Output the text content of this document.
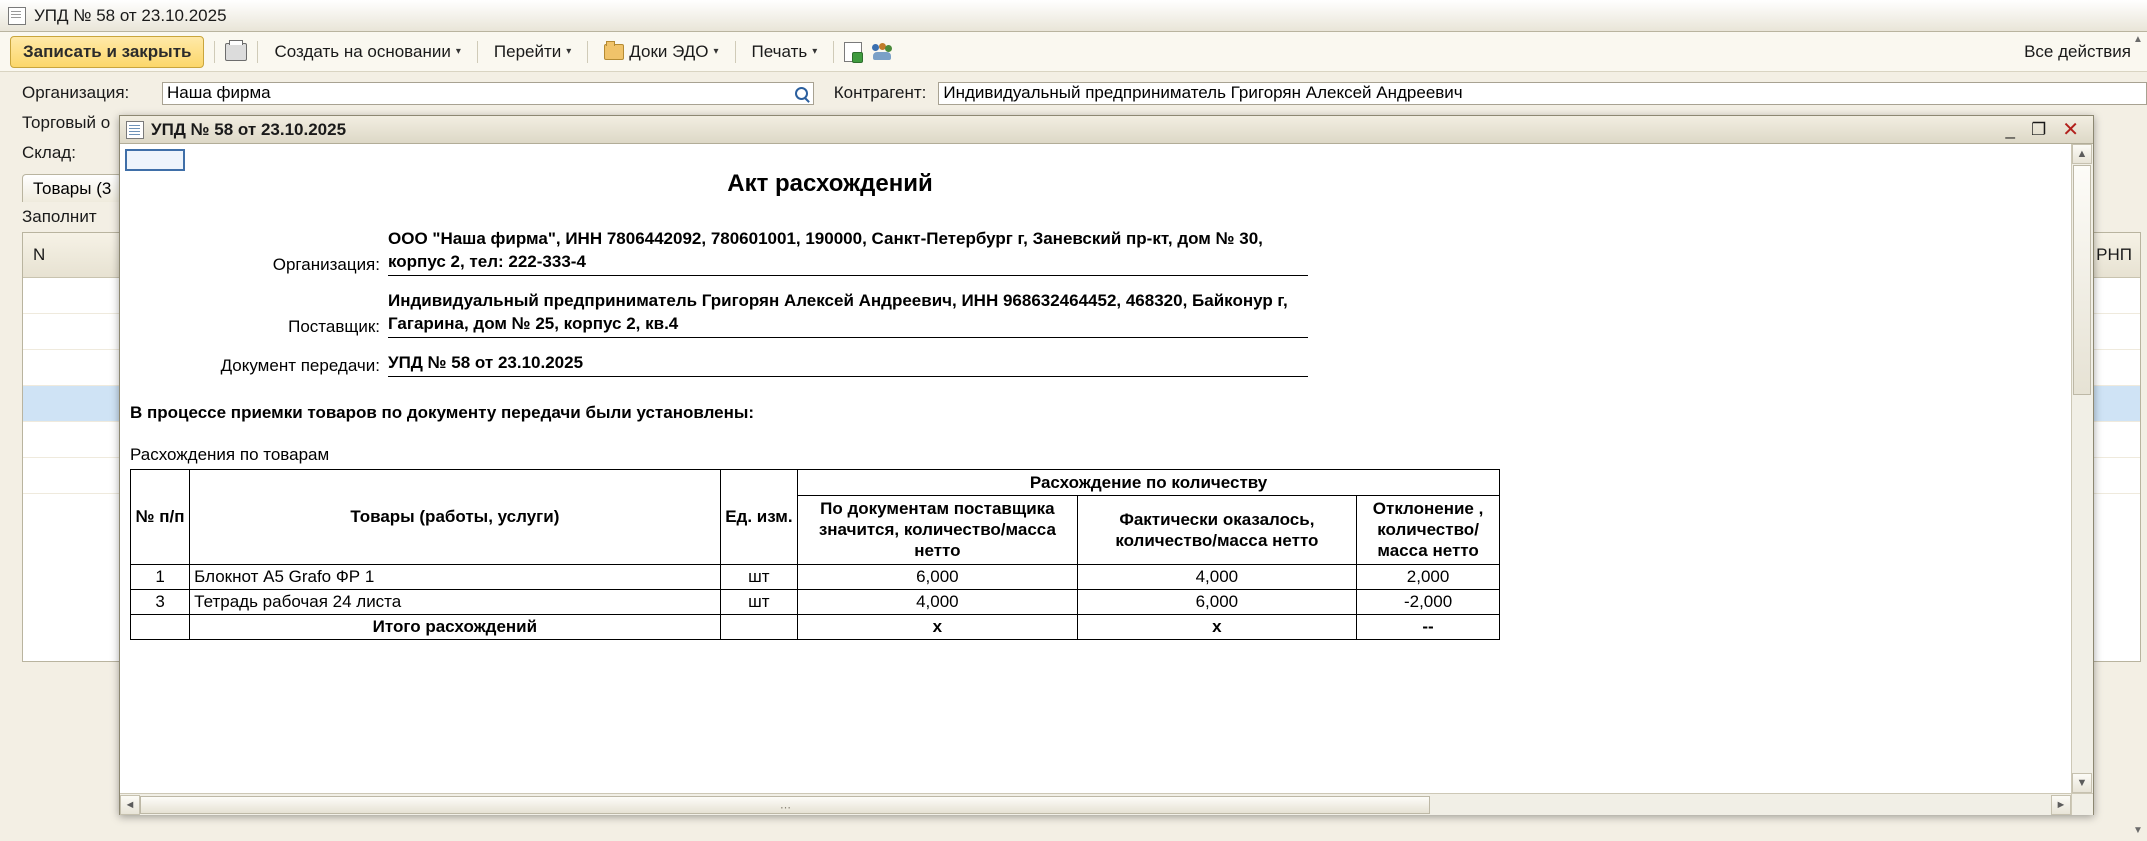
УПД № 58 от 23.10.2025
Записать и закрыть	Создать на основании ▾ Перейти ▾	Доки ЭДО ▾ Печать ▾	Все действия
Организация:	Наша фирма	Контрагент: Индивидуальный предприниматель Григорян Алексей Андреевич
Торговый о
Склад:
Товары (3
Заполнит
N	РНП
УПД № 58 от 23.10.2025	_ ❐ ✕
Акт расхождений
Организация:
ООО "Наша фирма", ИНН 7806442092, 780601001, 190000, Санкт-Петербург г, Заневский пр-кт, дом № 30, корпус 2, тел: 222-333-4
Поставщик:
Индивидуальный предприниматель Григорян Алексей Андреевич, ИНН 968632464452, 468320, Байконур г, Гагарина, дом № 25, корпус 2, кв.4
Документ передачи: УПД № 58 от 23.10.2025
В процессе приемки товаров по документу передачи были установлены:
Расхождения по товарам
№ п/п	Товары (работы, услуги)	Ед. изм.	Расхождение по количеству		
			По документам поставщика значится, количество/масса нетто	Фактически оказалось, количество/масса нетто	Отклонение , количество/ масса нетто
1	Блокнот А5 Grafo ФР 1	шт	6,000	4,000	2,000
3	Тетрадь рабочая 24 листа	шт	4,000	6,000	-2,000
	Итого расхождений		х	х	--
▲
▼
◄	⋯	►
▲
▼
